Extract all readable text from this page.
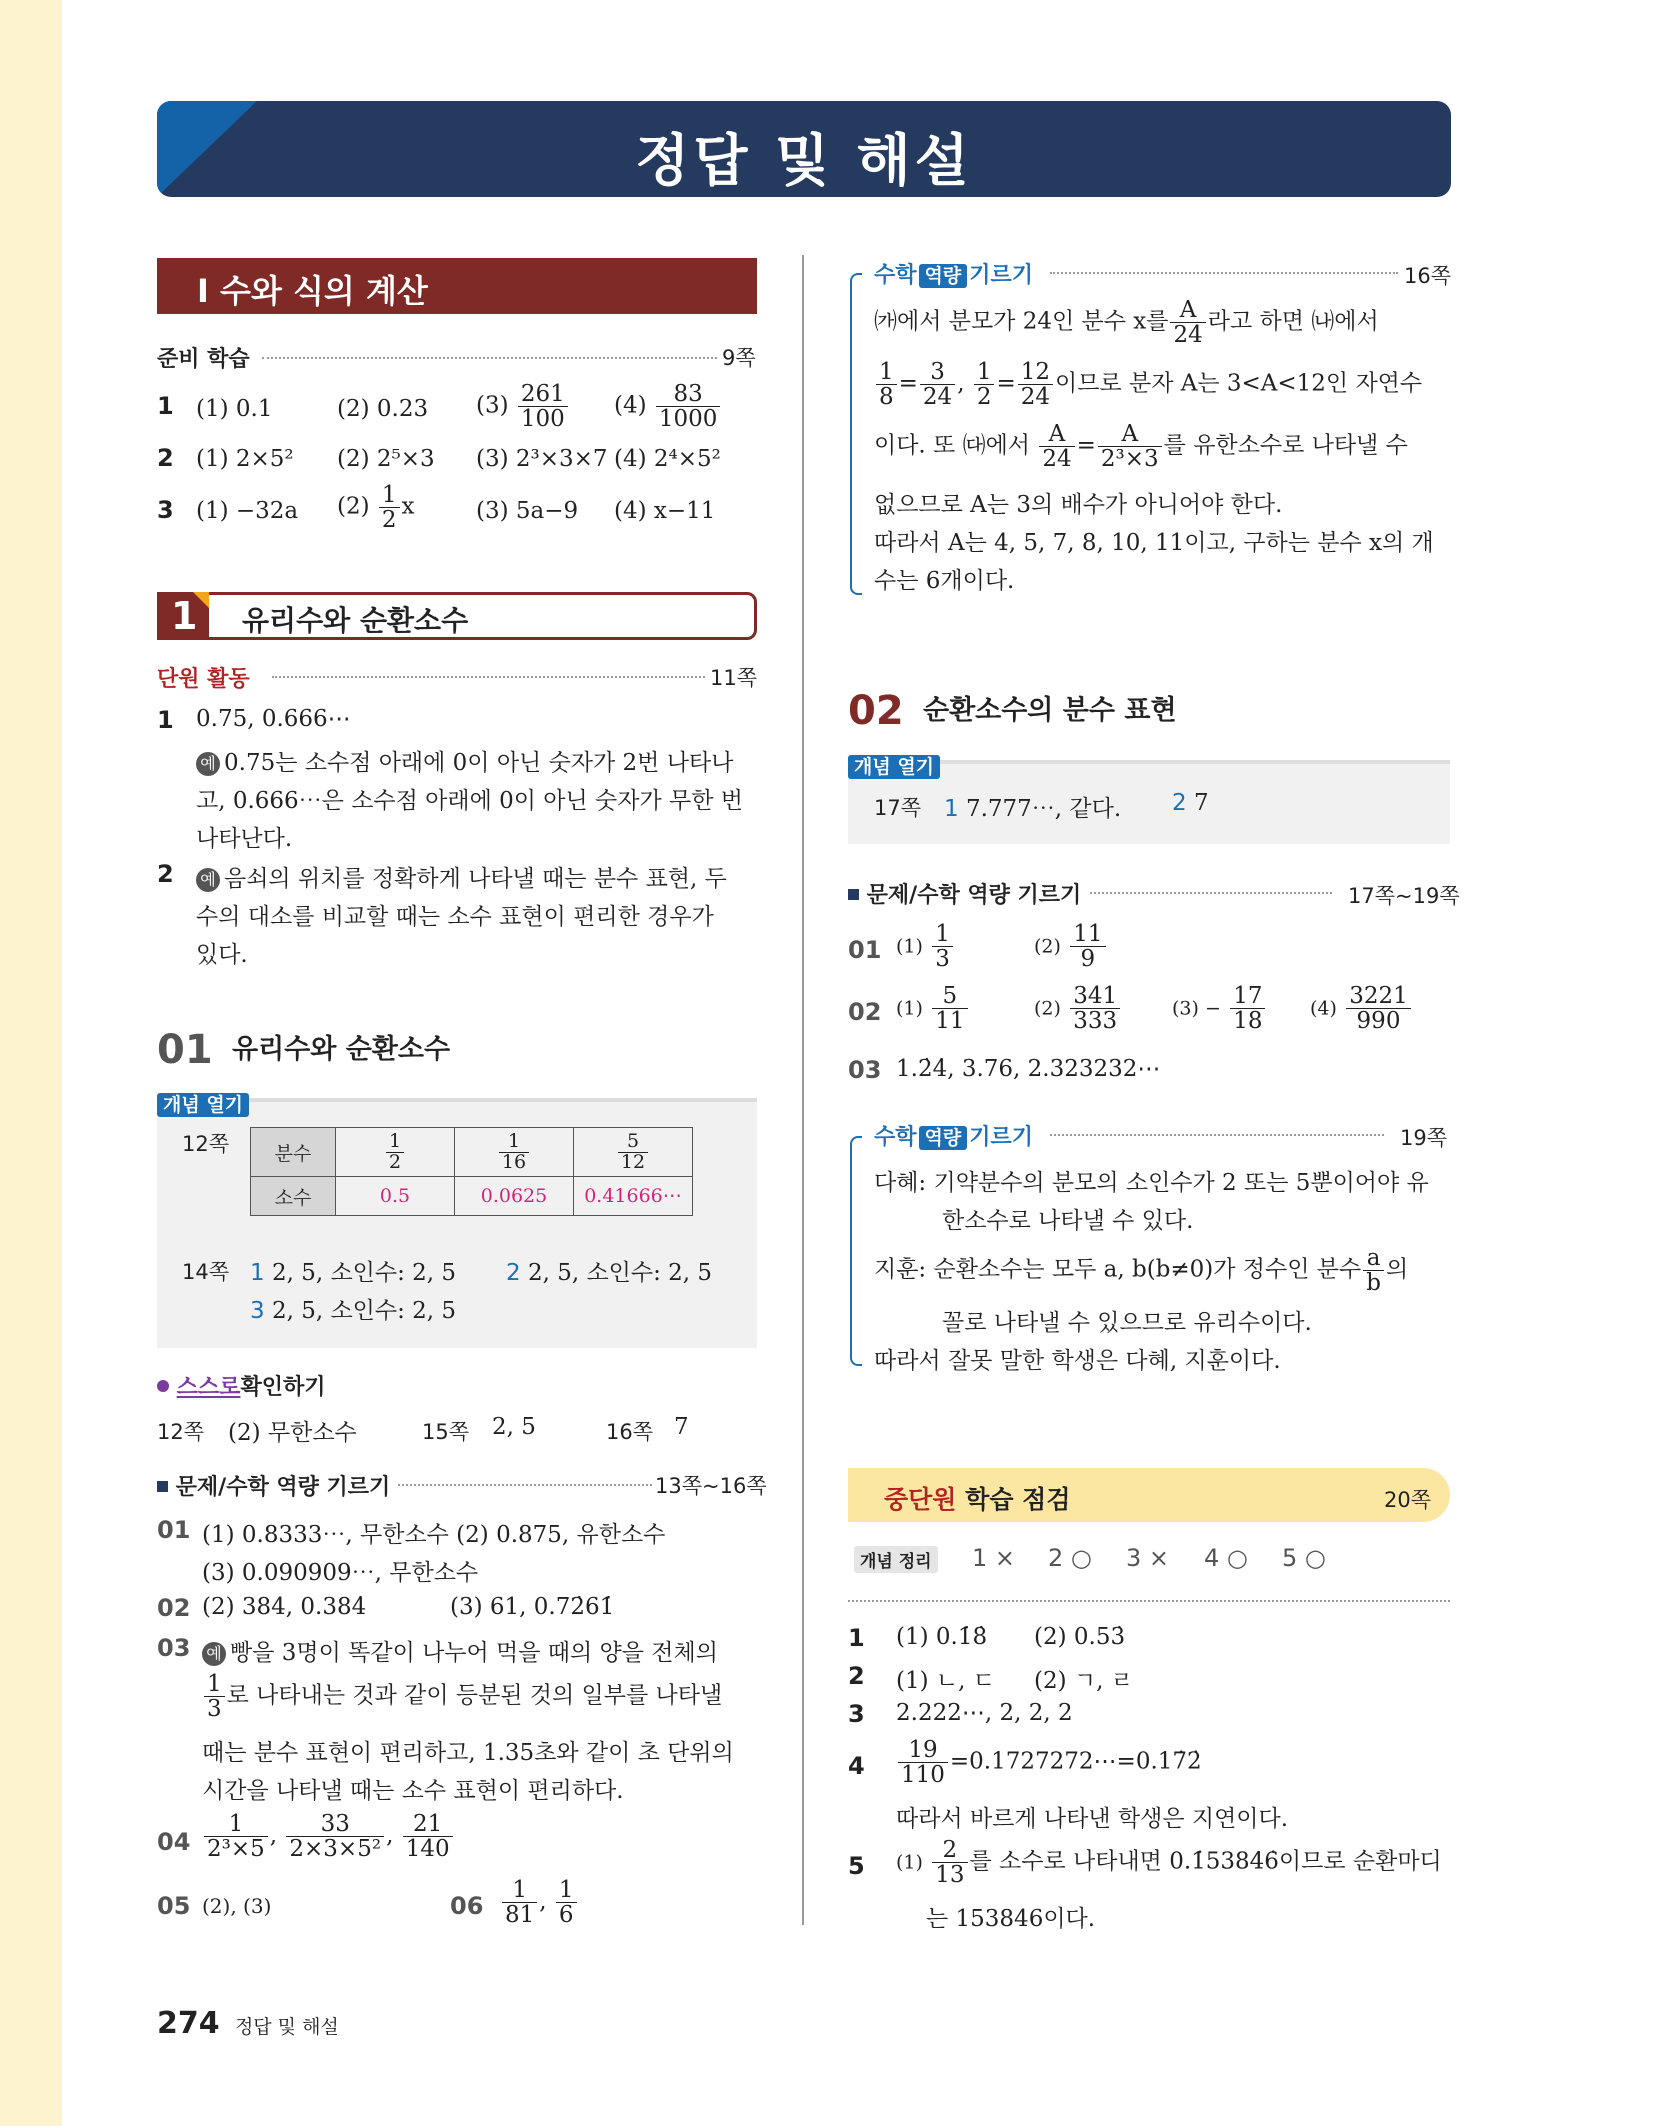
정답 및 해설
Ⅰ 수와 식의 계산
준비 학습	9쪽
1 (1) 0.1	(2) 0.23 $(3) \frac{261}{100} (4) \frac{83}{1000}$
2 (1) 2×5² (2) 2⁵×3 (3) 2³×3×7 (4) 2⁴×5²
3 (1) −32a $(2) \frac{1}{2}$ x	(3) 5a−9 (4) x−11
1 유리수와 순환소수
단원 활동	11쪽
1 0.75, 0.666⋯
예 0.75는 소수점 아래에 0이 아닌 숫자가 2번 나타나
고, 0.666⋯은 소수점 아래에 0이 아닌 숫자가 무한 번
나타난다.
2 예 음쇠의 위치를 정확하게 나타낼 때는 분수 표현, 두
수의 대소를 비교할 때는 소수 표현이 편리한 경우가
있다.
01 유리수와 순환소수
개념 열기
12쪽 분수	$\frac{1}{2}$	$\frac{1}{16}$	$\frac{5}{12}$

소수	0.5	0.0625	0.41666⋯
14쪽 1 2, 5, 소인수: 2, 5 2 2, 5, 소인수: 2, 5
3 2, 5, 소인수: 2, 5
스스로확인하기
12쪽 (2) 무한소수	15쪽 2, 5	16쪽 7
문제/수학 역량 기르기	13쪽~16쪽
01 (1) 0.8333⋯, 무한소수 (2) 0.875, 유한소수
(3) 0.090909⋯, 무한소수
02 (2) 384, 0.384̇	(3) 61, 0.72̇61̇
03 예 빵을 3명이 똑같이 나누어 먹을 때의 양을 전체의
$\frac{1}{3}$ 로 나타내는 것과 같이 등분된 것의 일부를 나타낼
때는 분수 표현이 편리하고, 1.35초와 같이 초 단위의
시간을 나타낼 때는 소수 표현이 편리하다.
$04 \frac{1}{\text{2³×5}}$ , $\frac{33}{\text{2×3×5²}}$ , $\frac{21}{140}$
05 (2), (3)	$06 \frac{1}{81}$ , $\frac{1}{6}$
274 정답 및 해설
수학 역량 기르기	16쪽
㈎에서 분모가 24인 분수 x를 $\frac{A}{24}$ 라고 하면 ㈏에서
$\frac{1}{8} = \frac{3}{24}$ , $\frac{1}{2} = \frac{12}{24}$ 이므로 분자 A는 3<A<12인 자연수
이다. 또 ㈐에서 $\frac{A}{24} = \frac{A}{\text{2³×3}}$ 를 유한소수로 나타낼 수
없으므로 A는 3의 배수가 아니어야 한다.
따라서 A는 4, 5, 7, 8, 10, 11이고, 구하는 분수 x의 개
수는 6개이다.
02 순환소수의 분수 표현
개념 열기
17쪽 1 7.777⋯, 같다. 2 7
문제/수학 역량 기르기	17쪽~19쪽
01 $(1) \frac{1}{3}$	$(2) \frac{11}{9}$
02 $(1) \frac{5}{11}$	$(2) \frac{341}{333}$	$(3) - \frac{17}{18} (4) \frac{3221}{990}$
03 1.2̇4̇, 3.76, 2.323232⋯
수학 역량 기르기	19쪽
다혜: 기약분수의 분모의 소인수가 2 또는 5뿐이어야 유
한소수로 나타낼 수 있다.
지훈: 순환소수는 모두 a, b(b≠0)가 정수인 분수 $\frac{a}{b}$ 의
꼴로 나타낼 수 있으므로 유리수이다.
따라서 잘못 말한 학생은 다혜, 지훈이다.
중단원 학습 점검	20쪽
개념 정리 1 × 2 ○ 3 × 4 ○ 5 ○
1 (1) 0.1̇8̇ (2) 0.53̇
2 (1) ㄴ, ㄷ (2) ㄱ, ㄹ
3 2.222⋯, 2, 2, 2
$4 \frac{19}{110}$ =0.1727272⋯=0.17̇2̇
따라서 바르게 나타낸 학생은 지연이다.
5 $(1) \frac{2}{13}$ 를 소수로 나타내면 0.1̇53846̇이므로 순환마디
는 153846이다.
